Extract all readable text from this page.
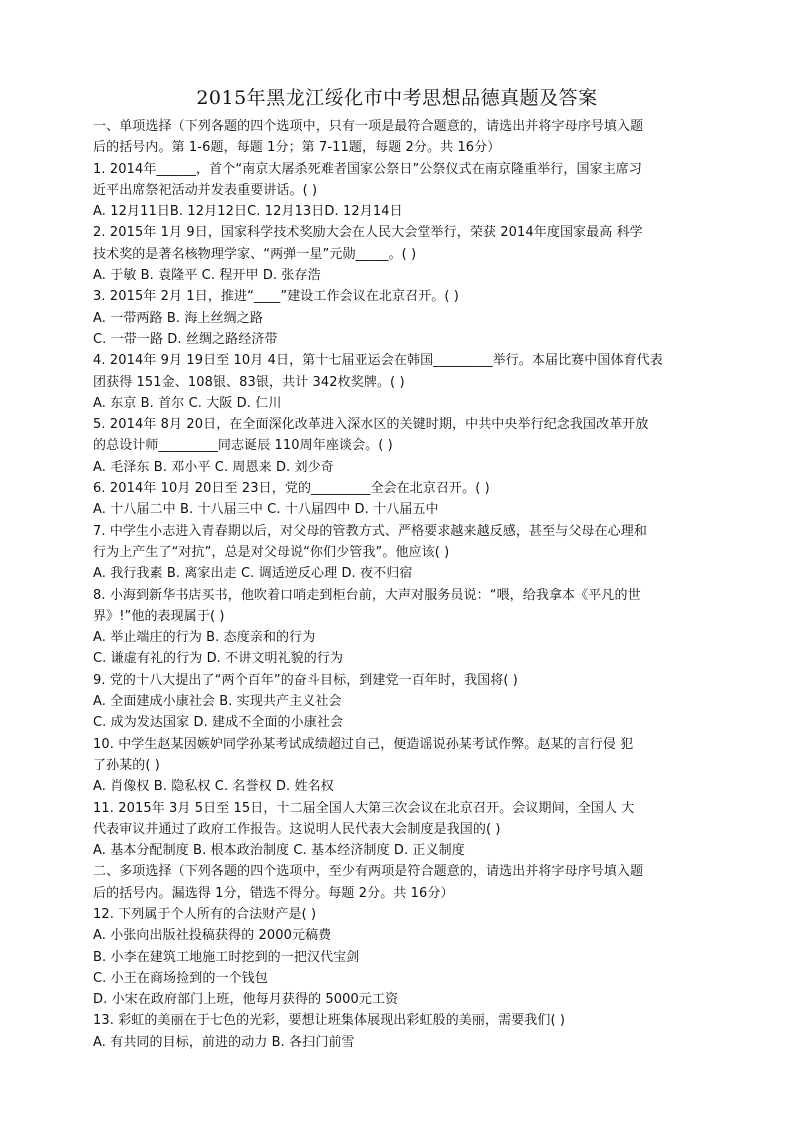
2015年黑龙江绥化市中考思想品德真题及答案
一、单项选择（下列各题的四个选项中，只有一项是最符合题意的，请选出并将字母序号填入题
后的括号内。第 1-6题，每题 1分；第 7-11题，每题 2分。共 16分）
1. 2014年______，首个“南京大屠杀死难者国家公祭日”公祭仪式在南京隆重举行，国家主席习
近平出席祭祀活动并发表重要讲话。( )
A. 12月11日B. 12月12日C. 12月13日D. 12月14日
2. 2015年 1月 9日，国家科学技术奖励大会在人民大会堂举行，荣获 2014年度国家最高 科学
技术奖的是著名核物理学家、“两弹一星”元勋_____。( )
A. 于敏 B. 袁隆平 C. 程开甲 D. 张存浩
3. 2015年 2月 1日，推进“____”建设工作会议在北京召开。( )
A. 一带两路 B. 海上丝绸之路
C. 一带一路 D. 丝绸之路经济带
4. 2014年 9月 19日至 10月 4日，第十七届亚运会在韩国_________举行。本届比赛中国体育代表
团获得 151金、108银、83银，共计 342枚奖牌。( )
A. 东京 B. 首尔 C. 大阪 D. 仁川
5. 2014年 8月 20日，在全面深化改革进入深水区的关键时期，中共中央举行纪念我国改革开放
的总设计师_________同志诞辰 110周年座谈会。( )
A. 毛泽东 B. 邓小平 C. 周恩来 D. 刘少奇
6. 2014年 10月 20日至 23日，党的_________全会在北京召开。( )
A. 十八届二中 B. 十八届三中 C. 十八届四中 D. 十八届五中
7. 中学生小志进入青春期以后，对父母的管教方式、严格要求越来越反感，甚至与父母在心理和
行为上产生了“对抗”，总是对父母说“你们少管我”。他应该( )
A. 我行我素 B. 离家出走 C. 调适逆反心理 D. 夜不归宿
8. 小海到新华书店买书，他吹着口哨走到柜台前，大声对服务员说：“喂，给我拿本《平凡的世
界》!”他的表现属于( )
A. 举止端庄的行为 B. 态度亲和的行为
C. 谦虚有礼的行为 D. 不讲文明礼貌的行为
9. 党的十八大提出了“两个百年”的奋斗目标，到建党一百年时，我国将( )
A. 全面建成小康社会 B. 实现共产主义社会
C. 成为发达国家 D. 建成不全面的小康社会
10. 中学生赵某因嫉妒同学孙某考试成绩超过自己，便造谣说孙某考试作弊。赵某的言行侵 犯
了孙某的( )
A. 肖像权 B. 隐私权 C. 名誉权 D. 姓名权
11. 2015年 3月 5日至 15日，十二届全国人大第三次会议在北京召开。会议期间，全国人 大
代表审议并通过了政府工作报告。这说明人民代表大会制度是我国的( )
A. 基本分配制度 B. 根本政治制度 C. 基本经济制度 D. 正义制度
二、多项选择（下列各题的四个选项中，至少有两项是符合题意的，请选出并将字母序号填入题
后的括号内。漏选得 1分，错选不得分。每题 2分。共 16分）
12. 下列属于个人所有的合法财产是( )
A. 小张向出版社投稿获得的 2000元稿费
B. 小李在建筑工地施工时挖到的一把汉代宝剑
C. 小王在商场捡到的一个钱包
D. 小宋在政府部门上班，他每月获得的 5000元工资
13. 彩虹的美丽在于七色的光彩，要想让班集体展现出彩虹般的美丽，需要我们( )
A. 有共同的目标，前进的动力 B. 各扫门前雪
